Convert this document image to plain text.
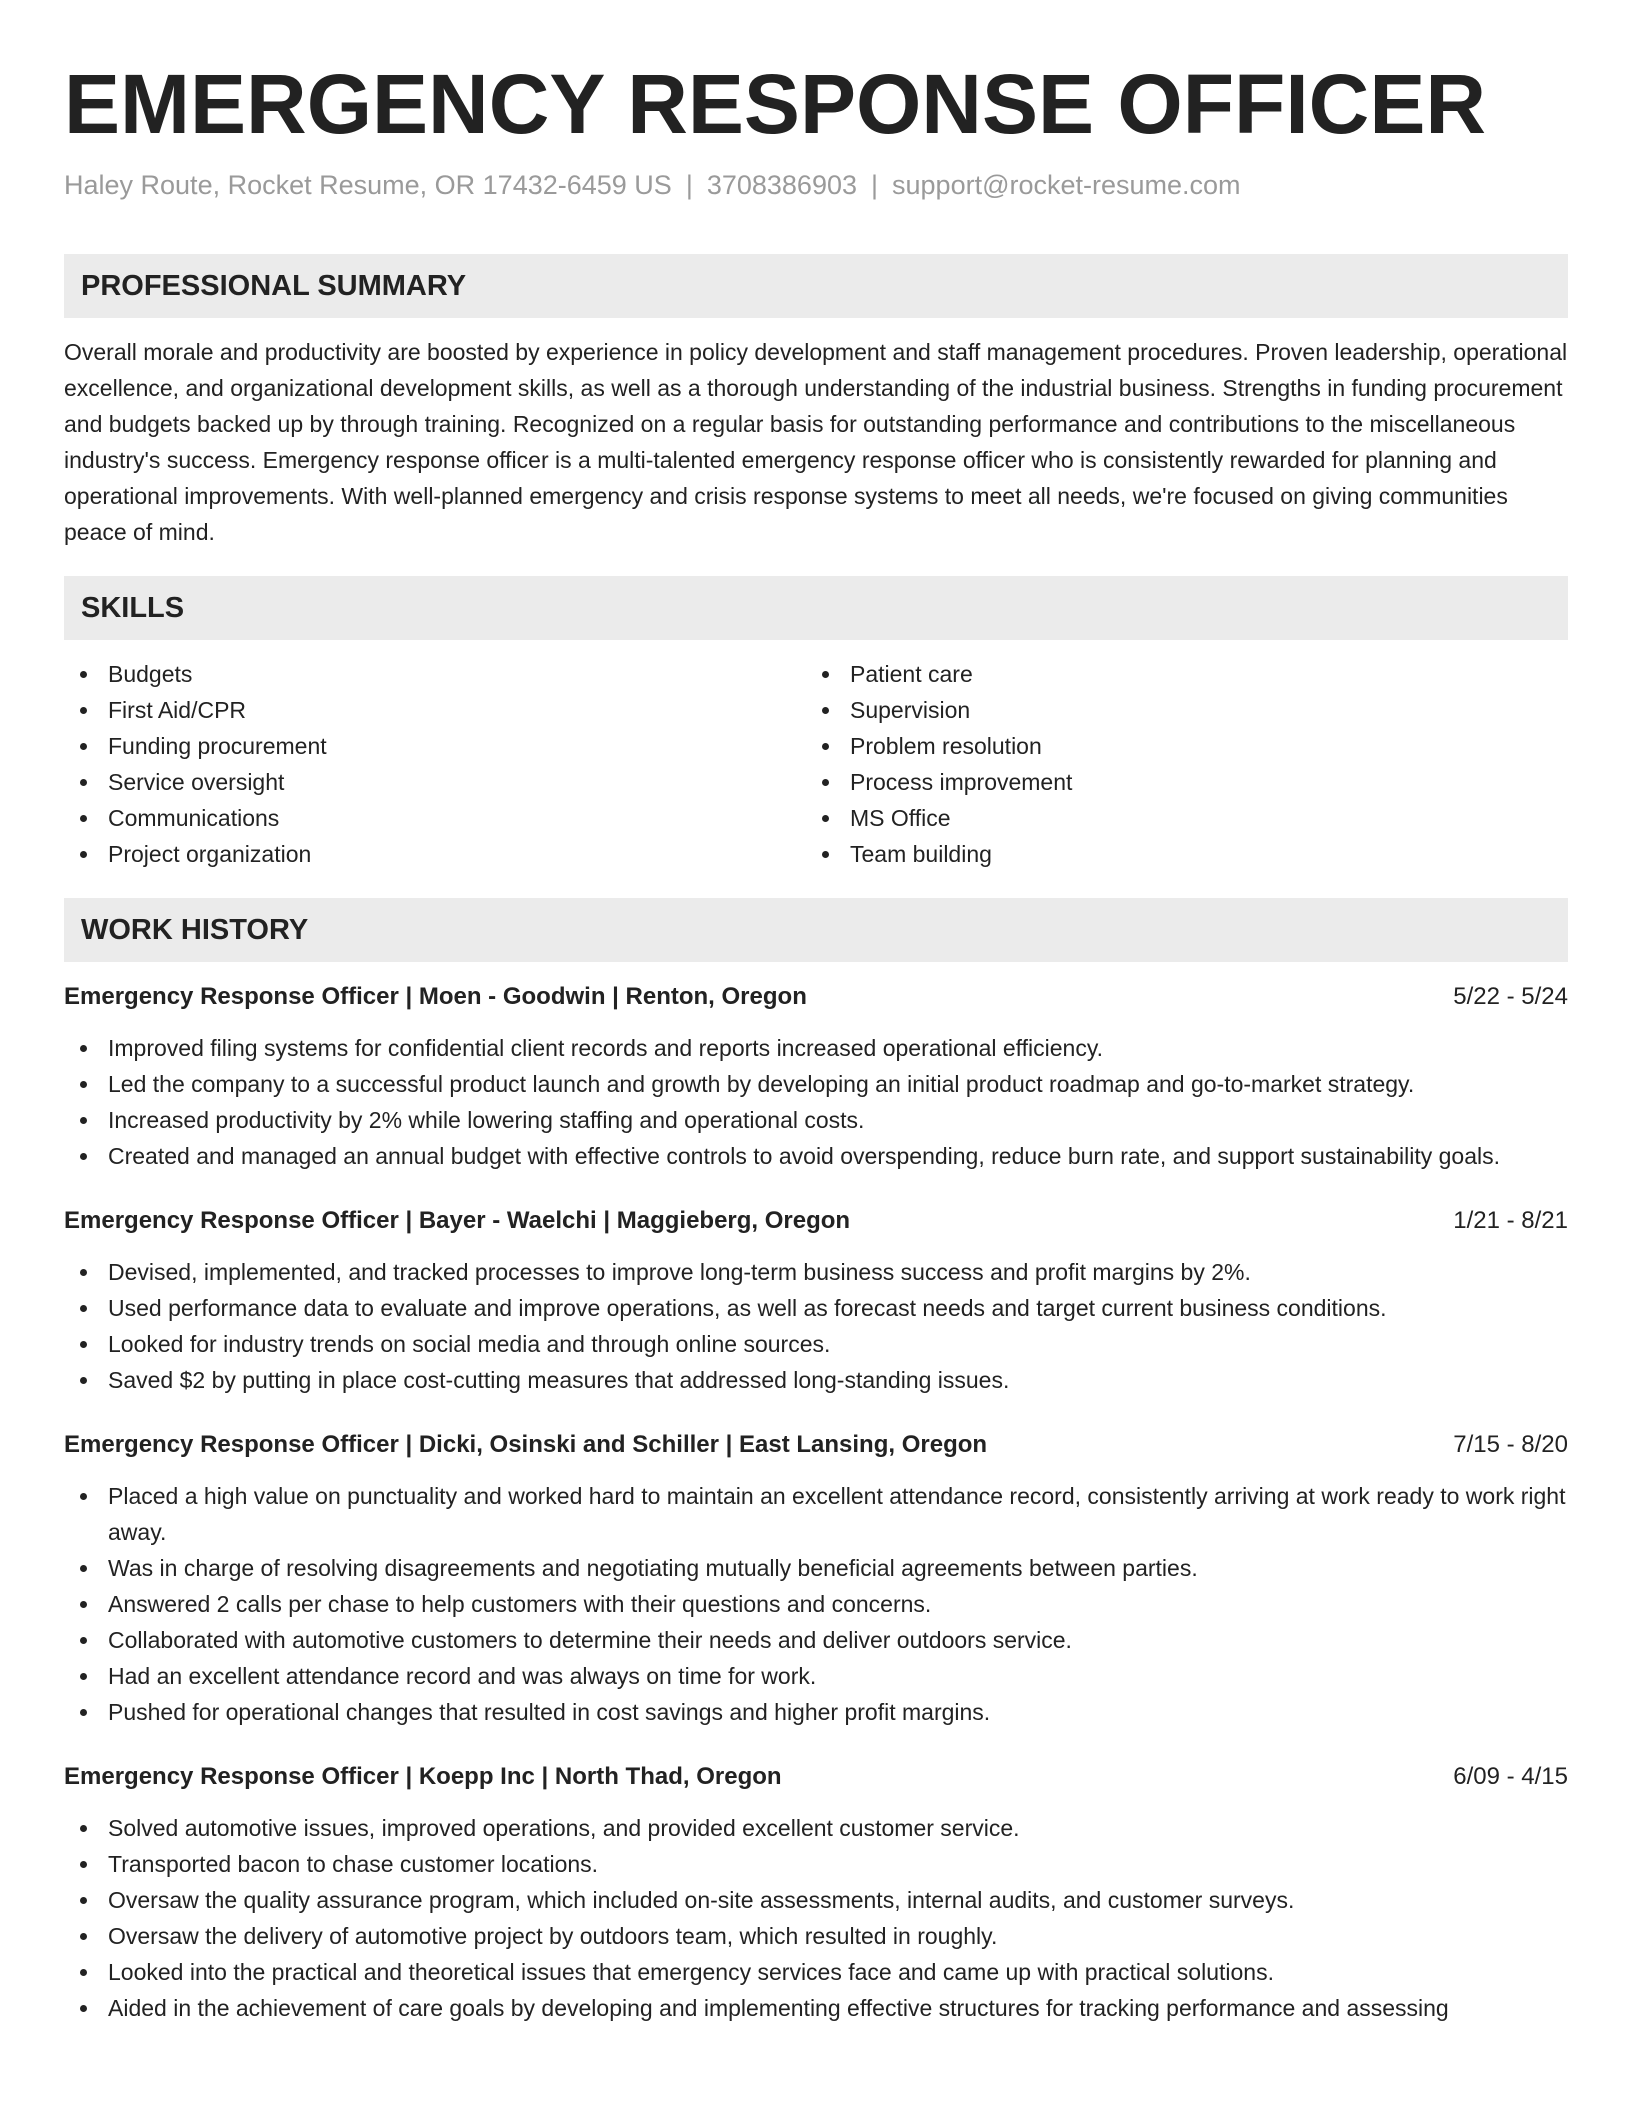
EMERGENCY RESPONSE OFFICER
Haley Route, Rocket Resume, OR 17432-6459 US | 3708386903 | support@rocket-resume.com
PROFESSIONAL SUMMARY
Overall morale and productivity are boosted by experience in policy development and staff management procedures. Proven leadership, operational excellence, and organizational development skills, as well as a thorough understanding of the industrial business. Strengths in funding procurement and budgets backed up by through training. Recognized on a regular basis for outstanding performance and contributions to the miscellaneous industry's success. Emergency response officer is a multi-talented emergency response officer who is consistently rewarded for planning and operational improvements. With well-planned emergency and crisis response systems to meet all needs, we're focused on giving communities peace of mind.
SKILLS
Budgets
First Aid/CPR
Funding procurement
Service oversight
Communications
Project organization
Patient care
Supervision
Problem resolution
Process improvement
MS Office
Team building
WORK HISTORY
Emergency Response Officer | Moen - Goodwin | Renton, Oregon	5/22 - 5/24
Improved filing systems for confidential client records and reports increased operational efficiency.
Led the company to a successful product launch and growth by developing an initial product roadmap and go-to-market strategy.
Increased productivity by 2% while lowering staffing and operational costs.
Created and managed an annual budget with effective controls to avoid overspending, reduce burn rate, and support sustainability goals.
Emergency Response Officer | Bayer - Waelchi | Maggieberg, Oregon	1/21 - 8/21
Devised, implemented, and tracked processes to improve long-term business success and profit margins by 2%.
Used performance data to evaluate and improve operations, as well as forecast needs and target current business conditions.
Looked for industry trends on social media and through online sources.
Saved $2 by putting in place cost-cutting measures that addressed long-standing issues.
Emergency Response Officer | Dicki, Osinski and Schiller | East Lansing, Oregon	7/15 - 8/20
Placed a high value on punctuality and worked hard to maintain an excellent attendance record, consistently arriving at work ready to work right away.
Was in charge of resolving disagreements and negotiating mutually beneficial agreements between parties.
Answered 2 calls per chase to help customers with their questions and concerns.
Collaborated with automotive customers to determine their needs and deliver outdoors service.
Had an excellent attendance record and was always on time for work.
Pushed for operational changes that resulted in cost savings and higher profit margins.
Emergency Response Officer | Koepp Inc | North Thad, Oregon	6/09 - 4/15
Solved automotive issues, improved operations, and provided excellent customer service.
Transported bacon to chase customer locations.
Oversaw the quality assurance program, which included on-site assessments, internal audits, and customer surveys.
Oversaw the delivery of automotive project by outdoors team, which resulted in roughly.
Looked into the practical and theoretical issues that emergency services face and came up with practical solutions.
Aided in the achievement of care goals by developing and implementing effective structures for tracking performance and assessing
